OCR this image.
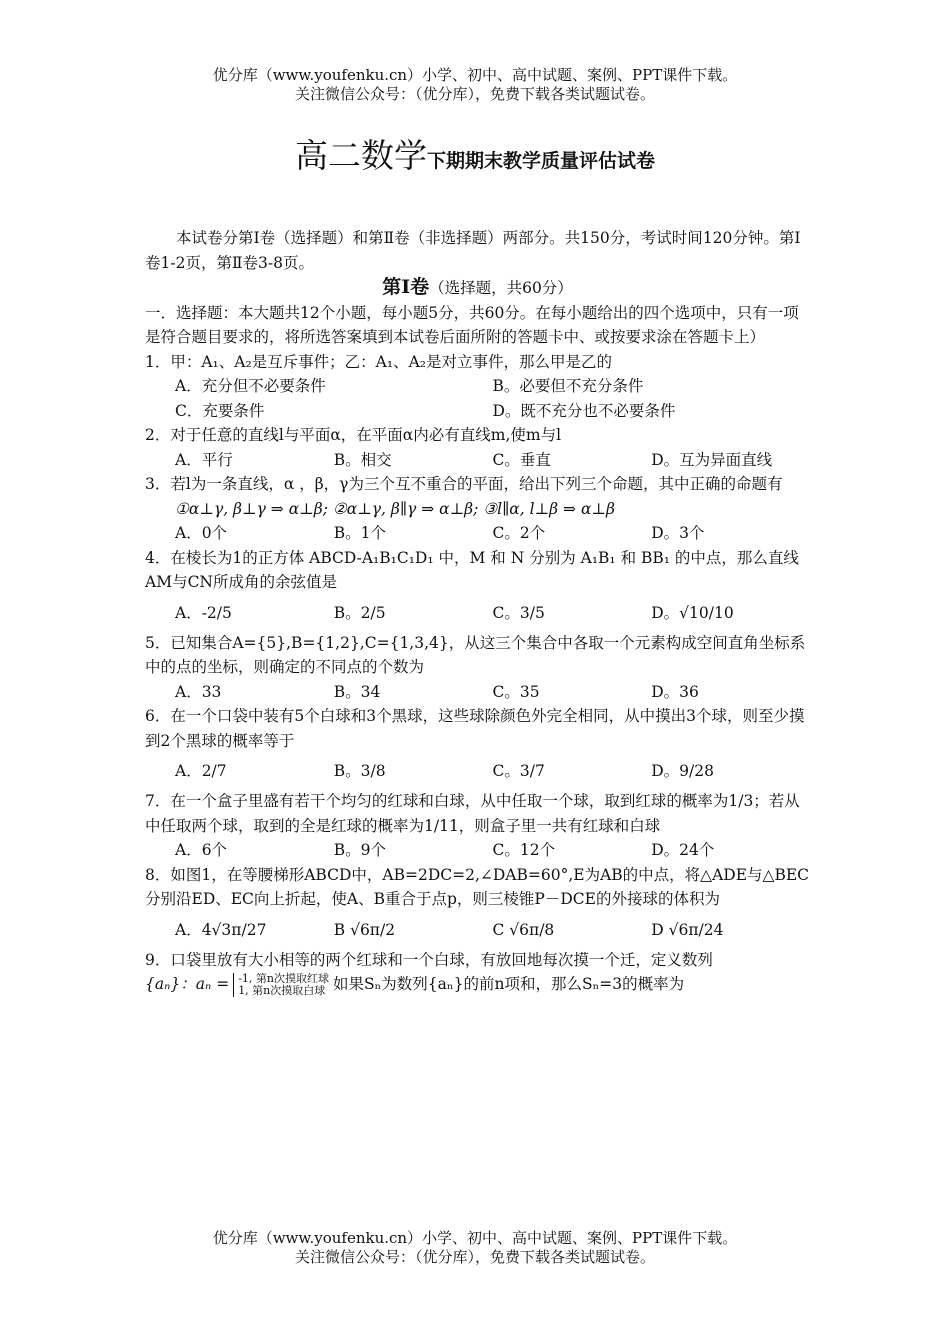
优分库（www.youfenku.cn）小学、初中、高中试题、案例、PPT课件下载。
关注微信公众号：（优分库），免费下载各类试题试卷。
高二数学下期期末教学质量评估试卷

本试卷分第Ⅰ卷（选择题）和第Ⅱ卷（非选择题）两部分。共150分，考试时间120分钟。第Ⅰ卷1-2页，第Ⅱ卷3-8页。

第Ⅰ卷（选择题，共60分）

一．选择题：本大题共12个小题，每小题5分，共60分。在每小题给出的四个选项中，只有一项是符合题目要求的，将所选答案填到本试卷后面所附的答题卡中、或按要求涂在答题卡上）

1．甲：A₁、A₂是互斥事件；乙：A₁、A₂是对立事件，那么甲是乙的

A．充分但不必要条件	B。必要但不充分条件
C．充要条件	D。既不充分也不必要条件

2．对于任意的直线l与平面α，在平面α内必有直线m,使m与l

A．平行	B。相交	C。垂直	D。互为异面直线

3．若l为一条直线，α ，β，γ为三个互不重合的平面，给出下列三个命题，其中正确的命题有

①α⊥γ, β⊥γ ⇒ α⊥β; ②α⊥γ, β∥γ ⇒ α⊥β; ③l∥α, l⊥β ⇒ α⊥β

A．0个	B。1个	C。2个	D。3个

4．在棱长为1的正方体 ABCD-A₁B₁C₁D₁ 中，M 和 N 分别为 A₁B₁ 和 BB₁ 的中点，那么直线AM与CN所成角的余弦值是

A．-2/5	B。2/5	C。3/5	D。√10/10

5．已知集合A={5},B={1,2},C={1,3,4}，从这三个集合中各取一个元素构成空间直角坐标系中的点的坐标，则确定的不同点的个数为

A．33	B。34	C。35	D。36

6．在一个口袋中装有5个白球和3个黑球，这些球除颜色外完全相同，从中摸出3个球，则至少摸到2个黑球的概率等于

A．2/7	B。3/8	C。3/7	D。9/28

7．在一个盒子里盛有若干个均匀的红球和白球，从中任取一个球，取到红球的概率为1/3；若从中任取两个球，取到的全是红球的概率为1/11，则盒子里一共有红球和白球

A．6个	B。9个	C。12个	D。24个

8．如图1，在等腰梯形ABCD中，AB=2DC=2,∠DAB=60°,E为AB的中点，将△ADE与△BEC分别沿ED、EC向上折起，使A、B重合于点p，则三棱锥P－DCE的外接球的体积为

A．4√3π/27	B √6π/2	C √6π/8	D √6π/24

9．口袋里放有大小相等的两个红球和一个白球，有放回地每次摸一个迁，定义数列

{aₙ}：aₙ = -1, 第n次摸取红球
1, 第n次摸取白球 如果Sₙ为数列{aₙ}的前n项和，那么Sₙ=3的概率为

优分库（www.youfenku.cn）小学、初中、高中试题、案例、PPT课件下载。
关注微信公众号：（优分库），免费下载各类试题试卷。
